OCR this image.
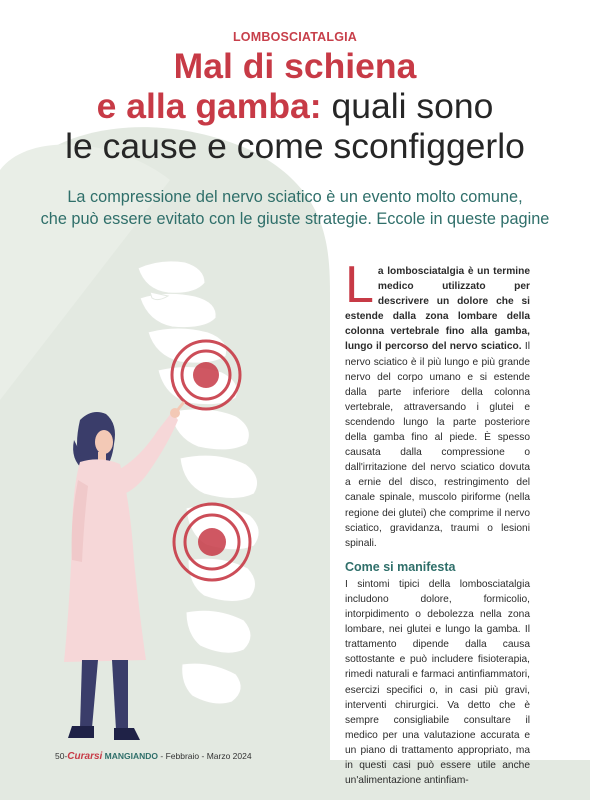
LOMBOSCIATALGIA
Mal di schiena
e alla gamba: quali sono
le cause e come sconfiggerlo
La compressione del nervo sciatico è un evento molto comune,
che può essere evitato con le giuste strategie. Eccole in queste pagine

La lombosciatalgia è un termine medico utilizzato per descrivere un dolore che si estende dalla zona lombare della colonna vertebrale fino alla gamba, lungo il percorso del nervo sciatico. Il nervo sciatico è il più lungo e più grande nervo del corpo umano e si estende dalla parte inferiore della colonna vertebrale, attraversando i glutei e scendendo lungo la parte posteriore della gamba fino al piede. È spesso causata dalla compressione o dall'irritazione del nervo sciatico dovuta a ernie del disco, restringimento del canale spinale, muscolo piriforme (nella regione dei glutei) che comprime il nervo sciatico, gravidanza, traumi o lesioni spinali.

Come si manifesta

I sintomi tipici della lombosciatalgia includono dolore, formicolio, intorpidimento o debolezza nella zona lombare, nei glutei e lungo la gamba. Il trattamento dipende dalla causa sottostante e può includere fisioterapia, rimedi naturali e farmaci antinfiammatori, esercizi specifici o, in casi più gravi, interventi chirurgici. Va detto che è sempre consigliabile consultare il medico per una valutazione accurata e un piano di trattamento appropriato, ma in questi casi può essere utile anche un'alimentazione antinfiam-

50-Curarsi MANGIANDO - Febbraio - Marzo 2024
